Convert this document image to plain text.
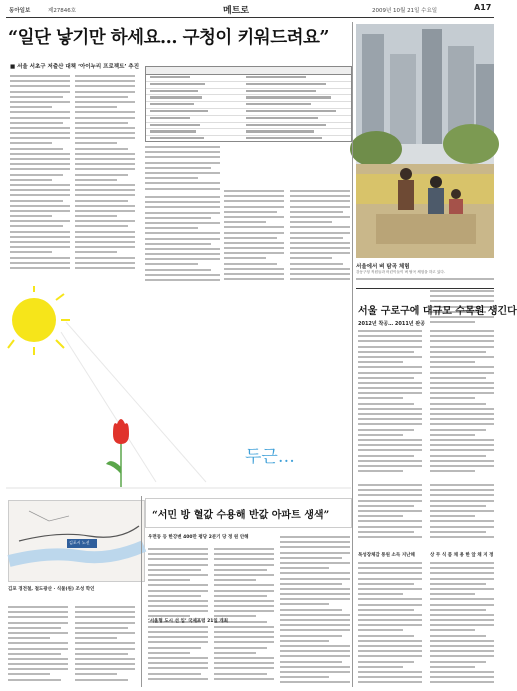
동아일보	제27846호	메트로	2009년 10월 21일 수요일	A17
“일단 낳기만 하세요… 구청이 키워드려요”
■ 서울 서초구 저출산 대책 ‘아이누리 프로젝트’ 추진
서울에서 벼 탐곡 체험
강동구청 직원들과 어린이들이 벼 탈곡 체험을 하고 있다.
두근…
서울 구로구에 대규모 수목원 생긴다
2012년 착공… 2011년 완공
김포시 노선
김포 경전철, 철도광산 · 식물(원) 조성 학인
“서민 방 혈값 수용해 반값 아파트 생색”
우면동 등 한강변 400만 평당 2분기 당 정 원 안해
‘서울형 도시 선 입’ 국제포럼 21일 개최
목성장체감 통원 소득 지난해	상 무 식 품 채 용 한 앞 채 지 정
